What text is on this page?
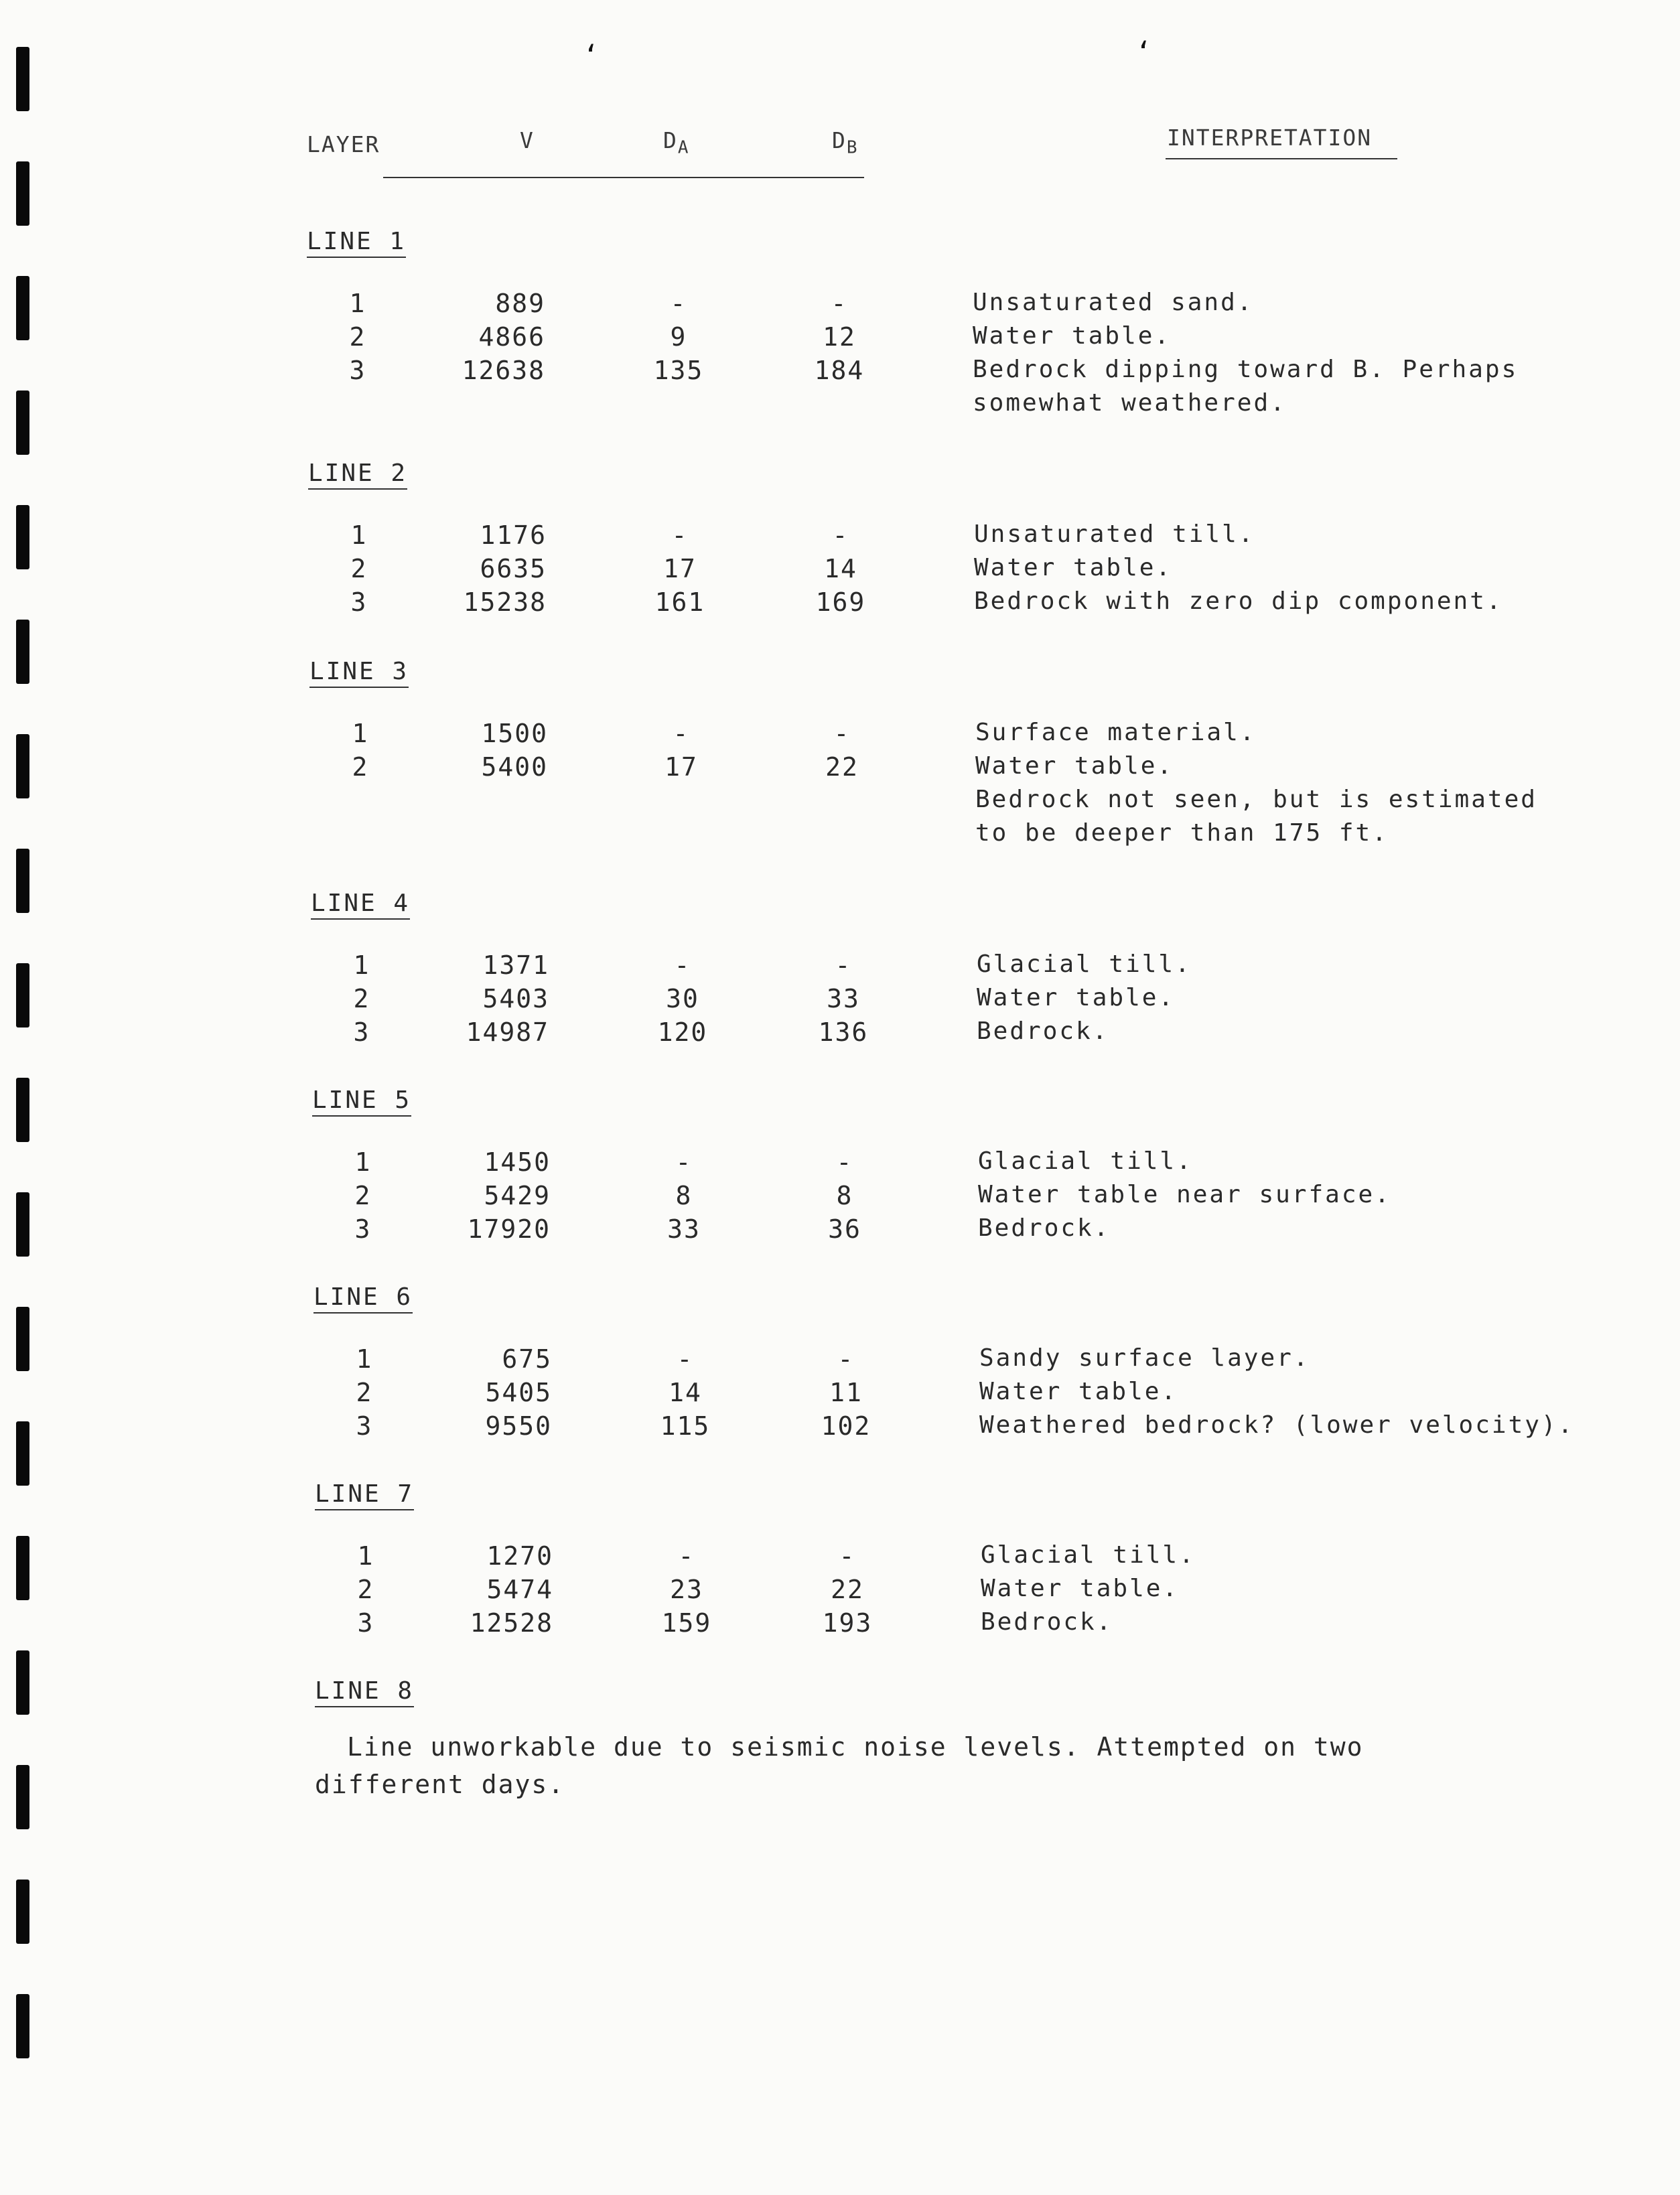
‘	‘
LAYER	V	$D_A$	$D_B$	INTERPRETATION
LINE 1
1	889	-	-	Unsaturated sand.
2	4866	9	12	Water table.
3	12638	135	184	Bedrock dipping toward B. Perhaps
somewhat weathered.
LINE 2
1	1176	-	-	Unsaturated till.
2	6635	17	14	Water table.
3	15238	161	169	Bedrock with zero dip component.
LINE 3
1	1500	-	-	Surface material.
2	5400	17	22	Water table.
Bedrock not seen, but is estimated
to be deeper than 175 ft.
LINE 4
1	1371	-	-	Glacial till.
2	5403	30	33	Water table.
3	14987	120	136	Bedrock.
LINE 5
1	1450	-	-	Glacial till.
2	5429	8	8	Water table near surface.
3	17920	33	36	Bedrock.
LINE 6
1	675	-	-	Sandy surface layer.
2	5405	14	11	Water table.
3	9550	115	102	Weathered bedrock? (lower velocity).
LINE 7
1	1270	-	-	Glacial till.
2	5474	23	22	Water table.
3	12528	159	193	Bedrock.
LINE 8
Line unworkable due to seismic noise levels. Attempted on two
different days.
